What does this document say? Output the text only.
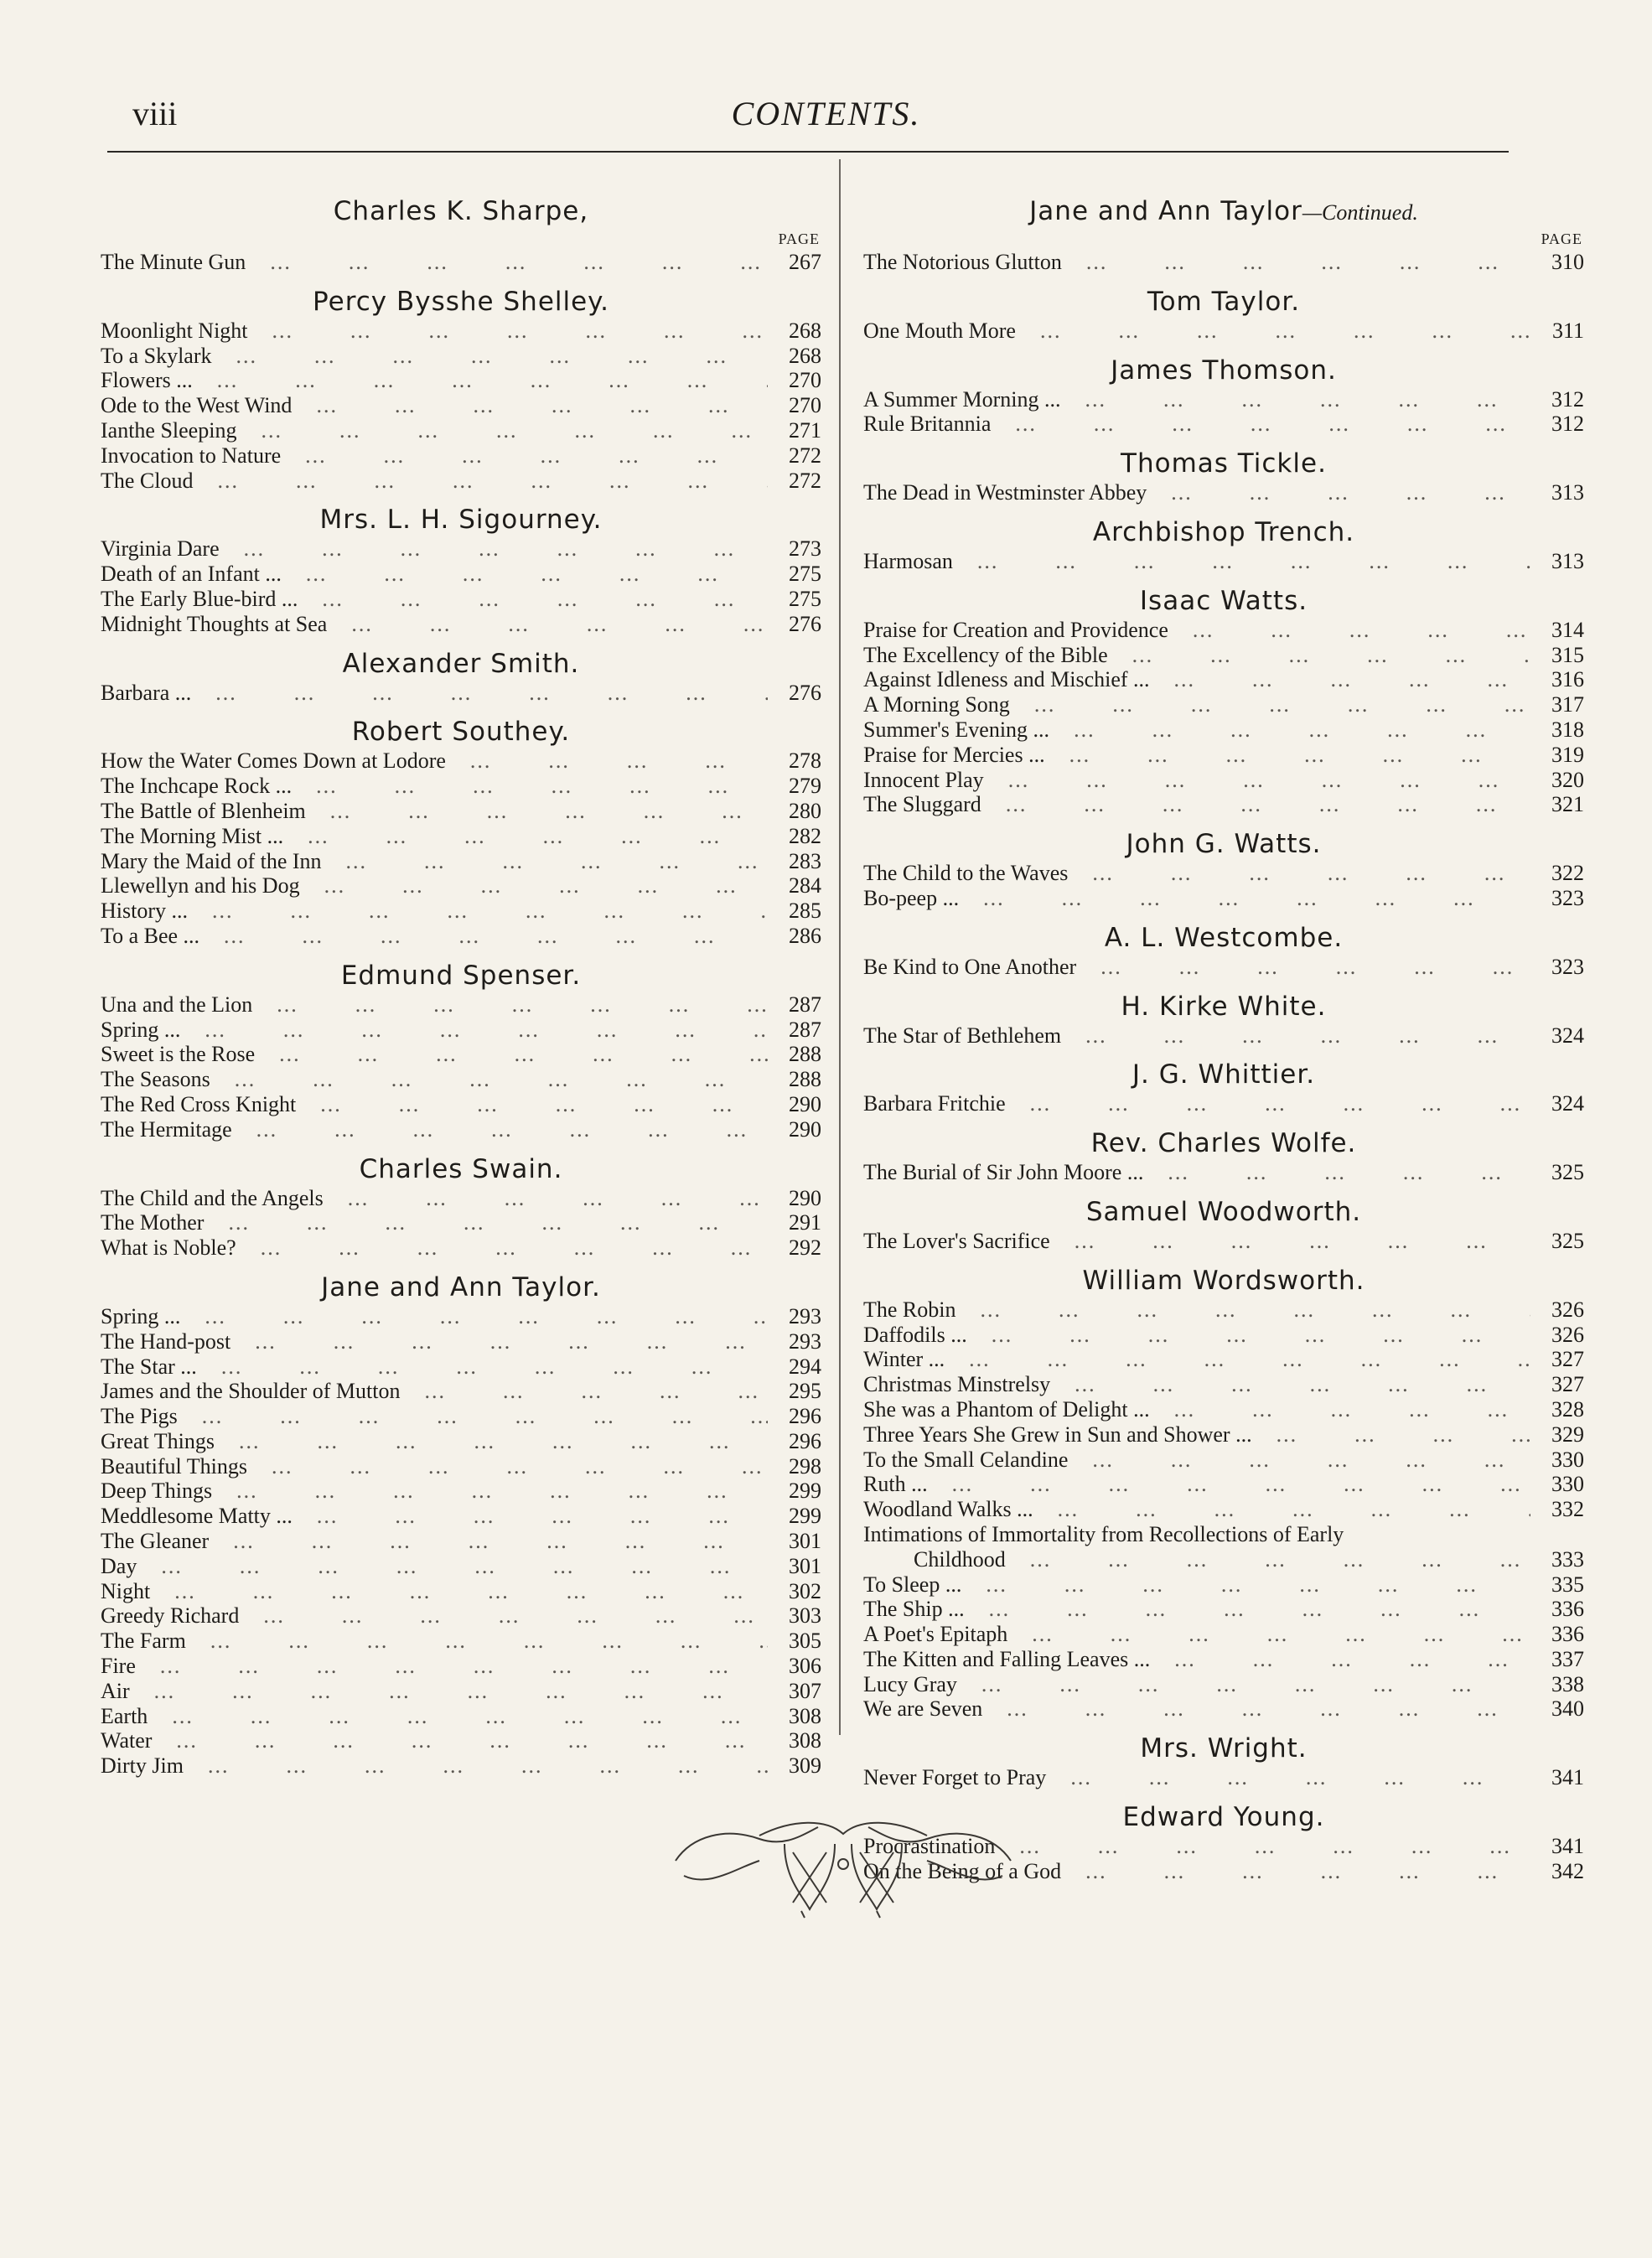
viii	CONTENTS.
Charles K. Sharpe,
PAGE
The Minute Gun ...	267
Percy Bysshe Shelley.
Moonlight Night ...	268
To a Skylark ...	268
Flowers ... ...	270
Ode to the West Wind ...	270
Ianthe Sleeping ...	271
Invocation to Nature ...	272
The Cloud ...	272
Mrs. L. H. Sigourney.
Virginia Dare ...	273
Death of an Infant ... ...	275
The Early Blue-bird ... ...	275
Midnight Thoughts at Sea ...	276
Alexander Smith.
Barbara ... ...	276
Robert Southey.
How the Water Comes Down at Lodore ...	278
The Inchcape Rock ... ...	279
The Battle of Blenheim ...	280
The Morning Mist ... ...	282
Mary the Maid of the Inn ...	283
Llewellyn and his Dog ...	284
History ... ...	285
To a Bee ... ...	286
Edmund Spenser.
Una and the Lion ...	287
Spring ... ...	287
Sweet is the Rose ...	288
The Seasons ...	288
The Red Cross Knight ...	290
The Hermitage ...	290
Charles Swain.
The Child and the Angels ...	290
The Mother ...	291
What is Noble? ...	292
Jane and Ann Taylor.
Spring ... ...	293
The Hand-post ...	293
The Star ... ...	294
James and the Shoulder of Mutton ...	295
The Pigs ...	296
Great Things ...	296
Beautiful Things ...	298
Deep Things ...	299
Meddlesome Matty ... ...	299
The Gleaner ...	301
Day ...	301
Night ...	302
Greedy Richard ...	303
The Farm ...	305
Fire ...	306
Air ...	307
Earth ...	308
Water ...	308
Dirty Jim ...	309
Jane and Ann Taylor—Continued.
PAGE
The Notorious Glutton ...	310
Tom Taylor.
One Mouth More ...	311
James Thomson.
A Summer Morning ... ...	312
Rule Britannia ...	312
Thomas Tickle.
The Dead in Westminster Abbey ...	313
Archbishop Trench.
Harmosan ...	313
Isaac Watts.
Praise for Creation and Providence ...	314
The Excellency of the Bible ...	315
Against Idleness and Mischief ... ...	316
A Morning Song ...	317
Summer's Evening ... ...	318
Praise for Mercies ... ...	319
Innocent Play ...	320
The Sluggard ...	321
John G. Watts.
The Child to the Waves ...	322
Bo-peep ... ...	323
A. L. Westcombe.
Be Kind to One Another ...	323
H. Kirke White.
The Star of Bethlehem ...	324
J. G. Whittier.
Barbara Fritchie ...	324
Rev. Charles Wolfe.
The Burial of Sir John Moore ... ...	325
Samuel Woodworth.
The Lover's Sacrifice ...	325
William Wordsworth.
The Robin ...	326
Daffodils ... ...	326
Winter ... ...	327
Christmas Minstrelsy ...	327
She was a Phantom of Delight ... ...	328
Three Years She Grew in Sun and Shower ... ...	329
To the Small Celandine ...	330
Ruth ... ...	330
Woodland Walks ... ...	332
Intimations of Immortality from Recollections of Early
Childhood ...	333
To Sleep ... ...	335
The Ship ... ...	336
A Poet's Epitaph ...	336
The Kitten and Falling Leaves ... ...	337
Lucy Gray ...	338
We are Seven ...	340
Mrs. Wright.
Never Forget to Pray ...	341
Edward Young.
Procrastination ...	341
On the Being of a God ...	342
